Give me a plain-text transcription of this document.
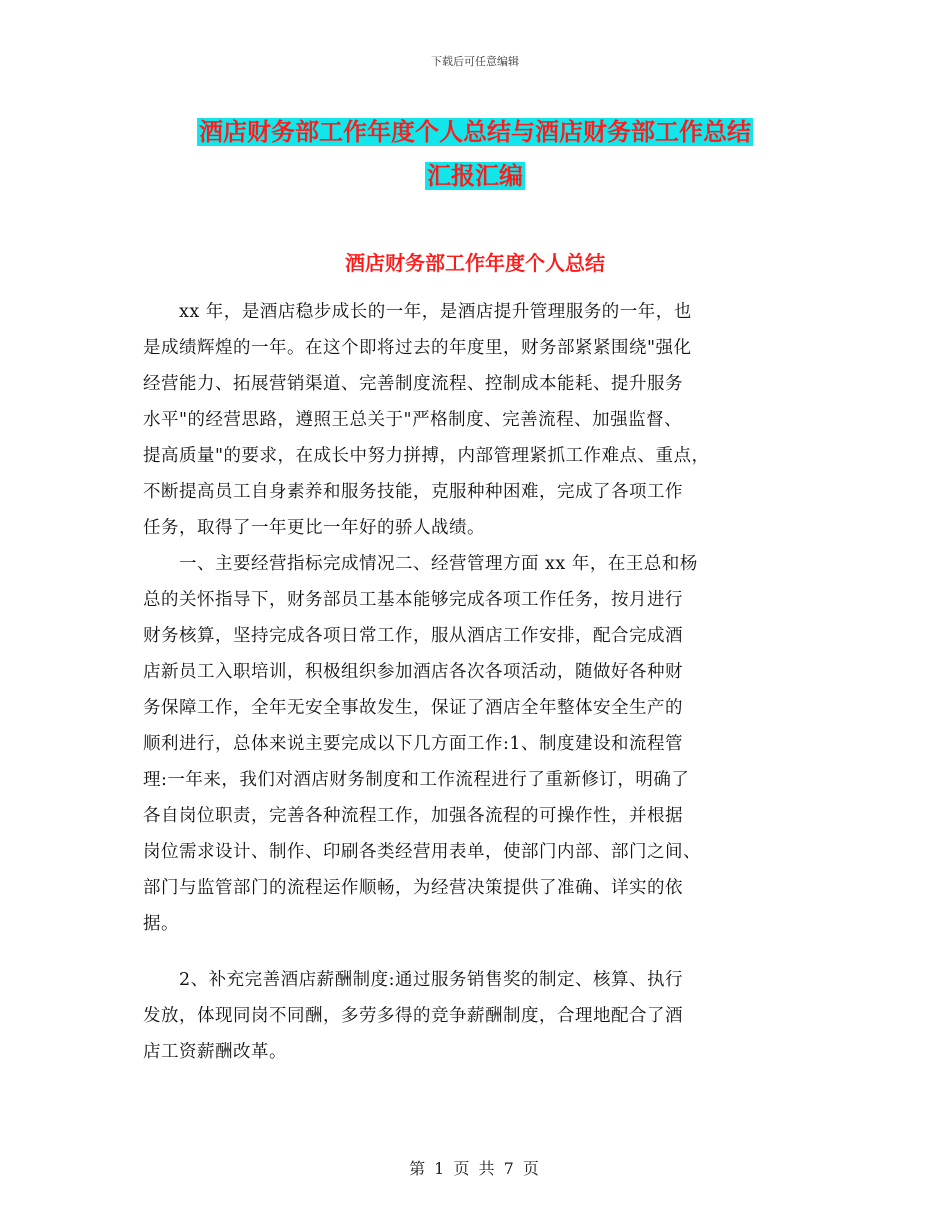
下载后可任意编辑
酒店财务部工作年度个人总结与酒店财务部工作总结
汇报汇编
酒店财务部工作年度个人总结
　　xx 年，是酒店稳步成长的一年，是酒店提升管理服务的一年，也
是成绩辉煌的一年。在这个即将过去的年度里，财务部紧紧围绕"强化
经营能力、拓展营销渠道、完善制度流程、控制成本能耗、提升服务
水平"的经营思路，遵照王总关于"严格制度、完善流程、加强监督、
提高质量"的要求，在成长中努力拼搏，内部管理紧抓工作难点、重点，
不断提高员工自身素养和服务技能，克服种种困难，完成了各项工作
任务，取得了一年更比一年好的骄人战绩。
　　一、主要经营指标完成情况二、经营管理方面 xx 年，在王总和杨
总的关怀指导下，财务部员工基本能够完成各项工作任务，按月进行
财务核算，坚持完成各项日常工作，服从酒店工作安排，配合完成酒
店新员工入职培训，积极组织参加酒店各次各项活动，随做好各种财
务保障工作，全年无安全事故发生，保证了酒店全年整体安全生产的
顺利进行，总体来说主要完成以下几方面工作:1、制度建设和流程管
理:一年来，我们对酒店财务制度和工作流程进行了重新修订，明确了
各自岗位职责，完善各种流程工作，加强各流程的可操作性，并根据
岗位需求设计、制作、印刷各类经营用表单，使部门内部、部门之间、
部门与监管部门的流程运作顺畅，为经营决策提供了准确、详实的依
据。
　　2、补充完善酒店薪酬制度:通过服务销售奖的制定、核算、执行
发放，体现同岗不同酬，多劳多得的竞争薪酬制度，合理地配合了酒
店工资薪酬改革。
第 1 页 共 7 页
